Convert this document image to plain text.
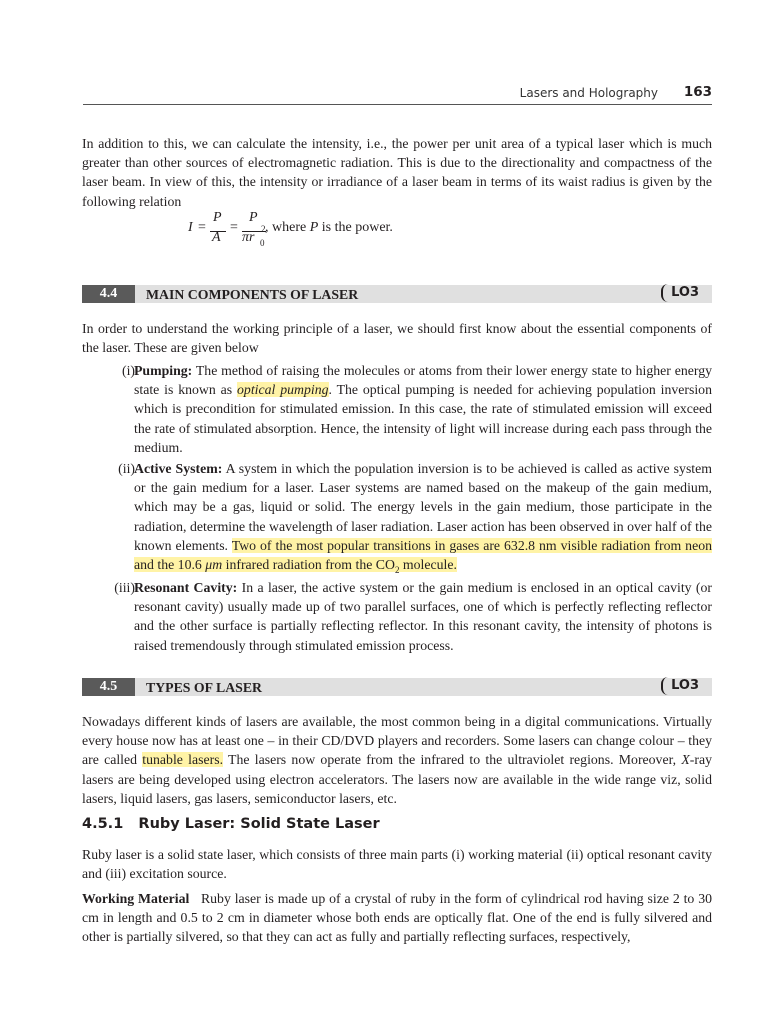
Lasers and Holography 163

In addition to this, we can calculate the intensity, i.e., the power per unit area of a typical laser which is much greater than other sources of electromagnetic radiation. This is due to the directionality and compactness of the laser beam. In view of this, the intensity or irradiance of a laser beam in terms of its waist radius is given by the following relation

I =
P
A
=
P
πr
2
0
, where P is the power.
4.4	MAIN COMPONENTS OF LASER	LO3

In order to understand the working principle of a laser, we should first know about the essential components of the laser. These are given below

(i) Pumping: The method of raising the molecules or atoms from their lower energy state to higher energy state is known as optical pumping. The optical pumping is needed for achieving population inversion which is precondition for stimulated emission. In this case, the rate of stimulated emission will exceed the rate of stimulated absorption. Hence, the intensity of light will increase during each pass through the medium.

(ii) Active System: A system in which the population inversion is to be achieved is called as active system or the gain medium for a laser. Laser systems are named based on the makeup of the gain medium, which may be a gas, liquid or solid. The energy levels in the gain medium, those participate in the radiation, determine the wavelength of laser radiation. Laser action has been observed in over half of the known elements. Two of the most popular transitions in gases are 632.8 nm visible radiation from neon and the 10.6 μm infrared radiation from the $CO_2$ molecule.

(iii) Resonant Cavity: In a laser, the active system or the gain medium is enclosed in an optical cavity (or resonant cavity) usually made up of two parallel surfaces, one of which is perfectly reflecting reflector and the other surface is partially reflecting reflector. In this resonant cavity, the intensity of photons is raised tremendously through stimulated emission process.

4.5	TYPES OF LASER	LO3

Nowadays different kinds of lasers are available, the most common being in a digital communications. Virtually every house now has at least one – in their CD/DVD players and recorders. Some lasers can change colour – they are called tunable lasers. The lasers now operate from the infrared to the ultraviolet regions. Moreover, X-ray lasers are being developed using electron accelerators. The lasers now are available in the wide range viz, solid lasers, liquid lasers, gas lasers, semiconductor lasers, etc.

4.5.1   Ruby Laser: Solid State Laser

Ruby laser is a solid state laser, which consists of three main parts (i) working material (ii) optical resonant cavity and (iii) excitation source.

Working Material   Ruby laser is made up of a crystal of ruby in the form of cylindrical rod having size 2 to 30 cm in length and 0.5 to 2 cm in diameter whose both ends are optically flat. One of the end is fully silvered and other is partially silvered, so that they can act as fully and partially reflecting surfaces, respectively,
